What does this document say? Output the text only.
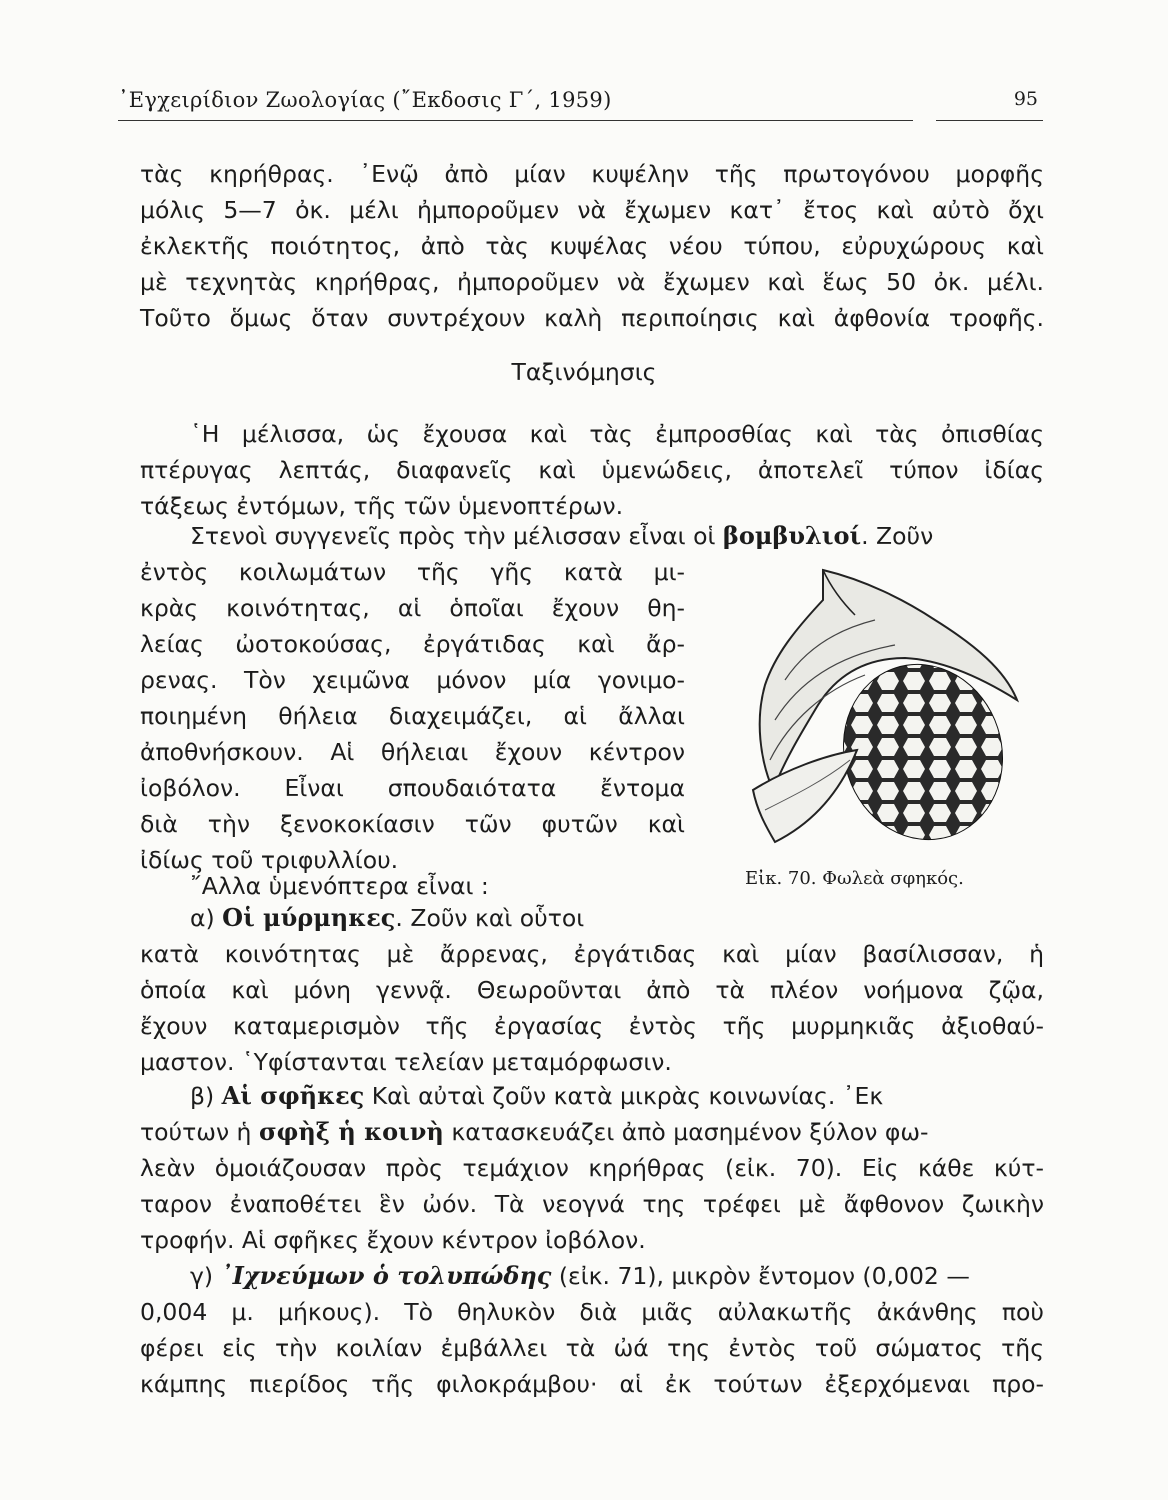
᾿Εγχειρίδιον Ζωολογίας (῎Εκδοσις Γ΄, 1959)	95
τὰς κηρήθρας. ᾿Ενῷ ἀπὸ μίαν κυψέλην τῆς πρωτογόνου μορφῆς
μόλις 5—7 ὀκ. μέλι ἠμποροῦμεν νὰ ἔχωμεν κατ᾿ ἔτος καὶ αὐτὸ ὄχι
ἐκλεκτῆς ποιότητος, ἀπὸ τὰς κυψέλας νέου τύπου, εὐρυχώρους καὶ
μὲ τεχνητὰς κηρήθρας, ἠμποροῦμεν νὰ ἔχωμεν καὶ ἕως 50 ὀκ. μέλι.
Τοῦτο ὅμως ὅταν συντρέχουν καλὴ περιποίησις καὶ ἀφθονία τροφῆς.
Ταξινόμησις
῾Η μέλισσα, ὡς ἔχουσα καὶ τὰς ἐμπροσθίας καὶ τὰς ὀπισθίας
πτέρυγας λεπτάς, διαφανεῖς καὶ ὑμενώδεις, ἀποτελεῖ τύπον ἰδίας
τάξεως ἐντόμων, τῆς τῶν ὑμενοπτέρων.
Στενοὶ συγγενεῖς πρὸς τὴν μέλισσαν εἶναι οἱ βομβυλιοί. Ζοῦν
ἐντὸς κοιλωμάτων τῆς γῆς κατὰ μι-
κρὰς κοινότητας, αἱ ὁποῖαι ἔχουν θη-
λείας ὠοτοκούσας, ἐργάτιδας καὶ ἄρ-
ρενας. Τὸν χειμῶνα μόνον μία γονιμο-
ποιημένη θήλεια διαχειμάζει, αἱ ἄλλαι
ἀποθνήσκουν. Αἱ θήλειαι ἔχουν κέντρον
ἰοβόλον. Εἶναι σπουδαιότατα ἔντομα
διὰ τὴν ξενοκοκίασιν τῶν φυτῶν καὶ
ἰδίως τοῦ τριφυλλίου.
῎Αλλα ὑμενόπτερα εἶναι :
α) Οἱ μύρμηκες. Ζοῦν καὶ οὗτοι
κατὰ κοινότητας μὲ ἄρρενας, ἐργάτιδας καὶ μίαν βασίλισσαν, ἡ
ὁποία καὶ μόνη γεννᾷ. Θεωροῦνται ἀπὸ τὰ πλέον νοήμονα ζῷα,
ἔχουν καταμερισμὸν τῆς ἐργασίας ἐντὸς τῆς μυρμηκιᾶς ἀξιοθαύ-
μαστον. ῾Υφίστανται τελείαν μεταμόρφωσιν.
β) Αἱ σφῆκες Καὶ αὐταὶ ζοῦν κατὰ μικρὰς κοινωνίας. ᾿Εκ
τούτων ἡ σφὴξ ἡ κοινὴ κατασκευάζει ἀπὸ μασημένον ξύλον φω-
λεὰν ὁμοιάζουσαν πρὸς τεμάχιον κηρήθρας (εἰκ. 70). Εἰς κάθε κύτ-
ταρον ἐναποθέτει ἓν ὠόν. Τὰ νεογνά της τρέφει μὲ ἄφθονον ζωικὴν
τροφήν. Αἱ σφῆκες ἔχουν κέντρον ἰοβόλον.
γ) ᾿Ιχνεύμων ὁ τολυπώδης (εἰκ. 71), μικρὸν ἔντομον (0,002 —
0,004 μ. μήκους). Τὸ θηλυκὸν διὰ μιᾶς αὐλακωτῆς ἀκάνθης ποὺ
φέρει εἰς τὴν κοιλίαν ἐμβάλλει τὰ ὠά της ἐντὸς τοῦ σώματος τῆς
κάμπης πιερίδος τῆς φιλοκράμβου· αἱ ἐκ τούτων ἐξερχόμεναι προ-
Εἰκ. 70. Φωλεὰ σφηκός.
